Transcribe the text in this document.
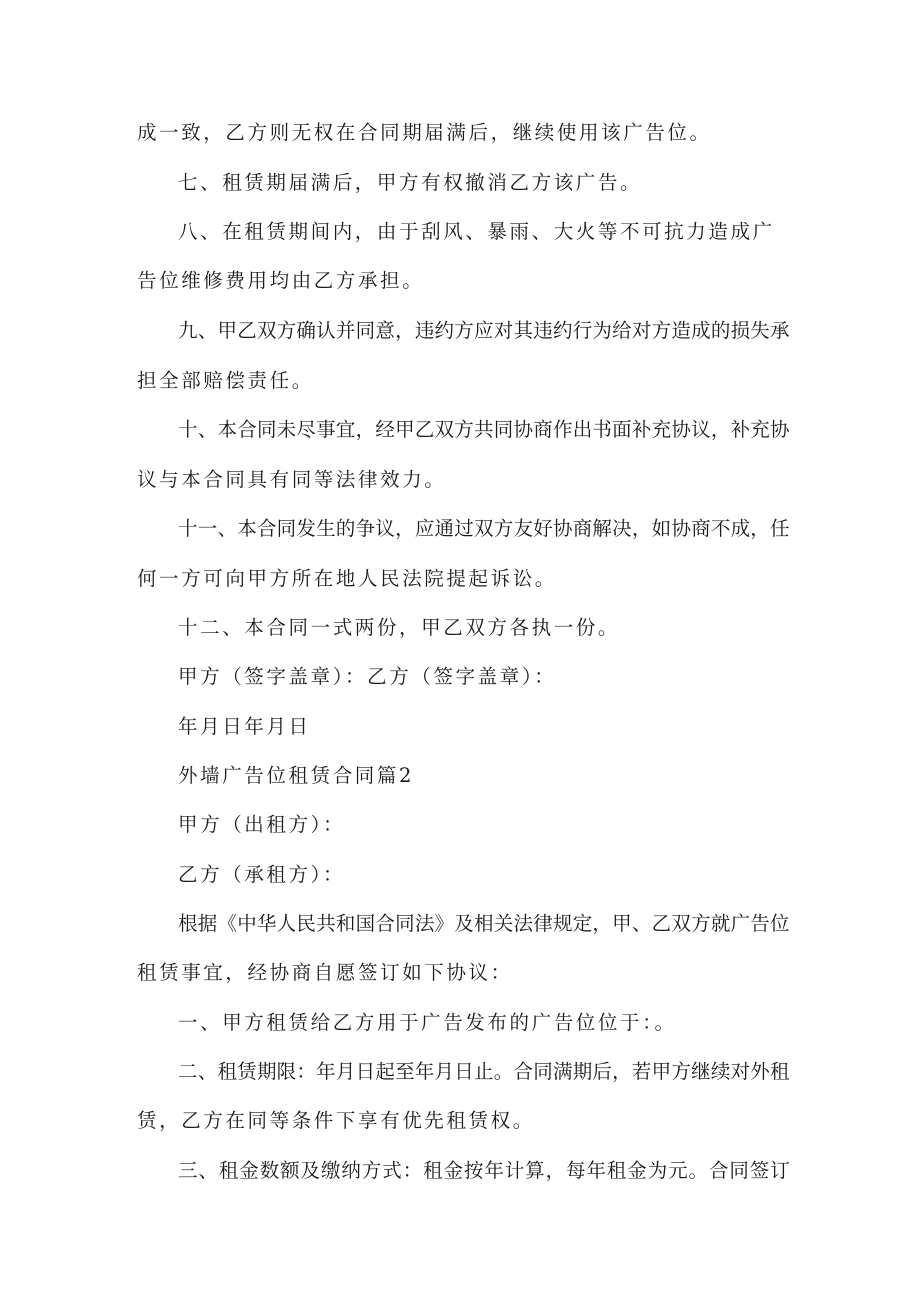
成一致，乙方则无权在合同期届满后，继续使用该广告位。
七、租赁期届满后，甲方有权撤消乙方该广告。
八、在租赁期间内，由于刮风、暴雨、大火等不可抗力造成广
告位维修费用均由乙方承担。
九 、 甲 乙 双 方 确 认 并 同 意 ， 违 约 方 应 对 其 违 约 行 为 给 对 方 造 成 的 损 失 承
担全部赔偿责任。
十 、 本 合 同 未 尽 事 宜 ， 经 甲 乙 双 方 共 同 协 商 作 出 书 面 补 充 协 议 ， 补 充 协
议与本合同具有同等法律效力。
十 一 、 本 合 同 发 生 的 争 议 ， 应 通 过 双 方 友 好 协 商 解 决 ， 如 协 商 不 成 ， 任
何一方可向甲方所在地人民法院提起诉讼。
十二、本合同一式两份，甲乙双方各执一份。
甲方（签字盖章）：乙方（签字盖章）：
年月日年月日
外墙广告位租赁合同篇2
甲方（出租方）：
乙方（承租方）：
根 据 《 中 华 人 民 共 和 国 合 同 法 》 及 相 关 法 律 规 定 ， 甲 、 乙 双 方 就 广 告 位
租赁事宜，经协商自愿签订如下协议：
一、甲方租赁给乙方用于广告发布的广告位位于：。
二 、 租 赁 期 限 ： 年 月 日 起 至 年 月 日 止 。 合 同 满 期 后 ， 若 甲 方 继 续 对 外 租
赁，乙方在同等条件下享有优先租赁权。
三 、 租 金 数 额 及 缴 纳 方 式 ： 租 金 按 年 计 算 ， 每 年 租 金 为 元 。 合 同 签 订
